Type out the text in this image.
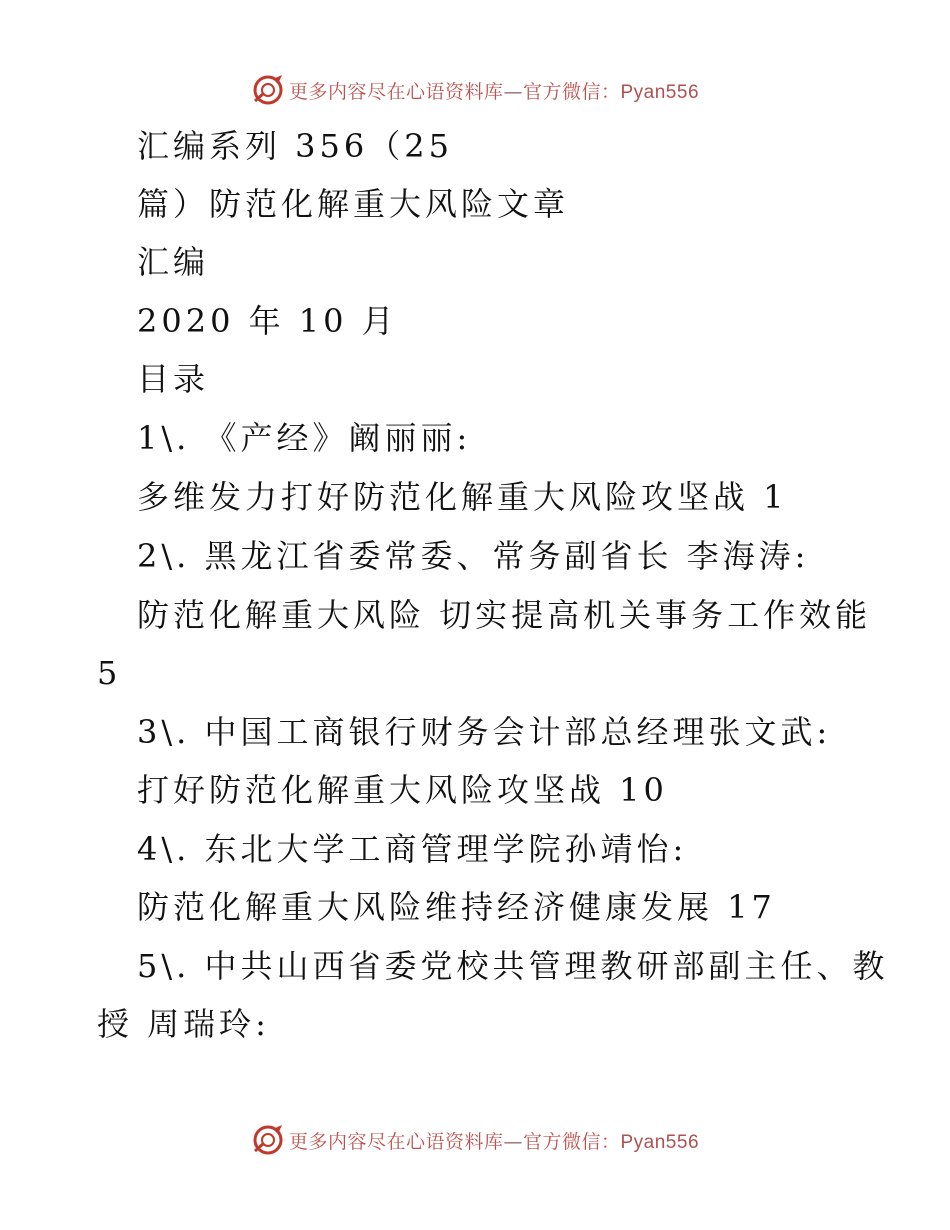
更多内容尽在心语资料库—官方微信：Pyan556
汇编系列 356（25
篇）防范化解重大风险文章
汇编
2020 年 10 月
目录
1\. 《产经》阚丽丽:
多维发力打好防范化解重大风险攻坚战 1
2\. 黑龙江省委常委、常务副省长 李海涛:
防范化解重大风险 切实提高机关事务工作效能
5
3\. 中国工商银行财务会计部总经理张文武:
打好防范化解重大风险攻坚战 10
4\. 东北大学工商管理学院孙靖怡:
防范化解重大风险维持经济健康发展 17
5\. 中共山西省委党校共管理教研部副主任、教
授 周瑞玲:
更多内容尽在心语资料库—官方微信：Pyan556
